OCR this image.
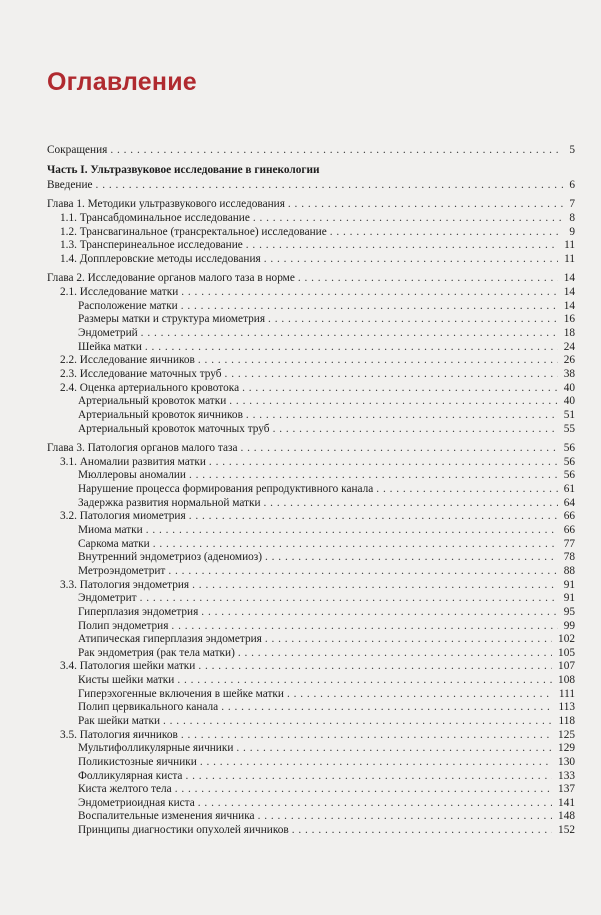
Оглавление
Сокращения . . .	5
Часть I. Ультразвуковое исследование в гинекологии
Введение . . .	6
Глава 1. Методики ультразвукового исследования . . .	7
1.1. Трансабдоминальное исследование . . .	8
1.2. Трансвагинальное (трансректальное) исследование . . .	9
1.3. Трансперинеальное исследование . . .	11
1.4. Допплеровские методы исследования . . .	11
Глава 2. Исследование органов малого таза в норме . . .	14
2.1. Исследование матки . . .	14
Расположение матки . . .	14
Размеры матки и структура миометрия . . .	16
Эндометрий . . .	18
Шейка матки . . .	24
2.2. Исследование яичников . . .	26
2.3. Исследование маточных труб . . .	38
2.4. Оценка артериального кровотока . . .	40
Артериальный кровоток матки . . .	40
Артериальный кровоток яичников . . .	51
Артериальный кровоток маточных труб . . .	55
Глава 3. Патология органов малого таза . . .	56
3.1. Аномалии развития матки . . .	56
Мюллеровы аномалии . . .	56
Нарушение процесса формирования репродуктивного канала . . .	61
Задержка развития нормальной матки . . .	64
3.2. Патология миометрия . . .	66
Миома матки . . .	66
Саркома матки . . .	77
Внутренний эндометриоз (аденомиоз) . . .	78
Метроэндометрит . . .	88
3.3. Патология эндометрия . . .	91
Эндометрит . . .	91
Гиперплазия эндометрия . . .	95
Полип эндометрия . . .	99
Атипическая гиперплазия эндометрия . . .	102
Рак эндометрия (рак тела матки) . . .	105
3.4. Патология шейки матки . . .	107
Кисты шейки матки . . .	108
Гиперэхогенные включения в шейке матки . . .	111
Полип цервикального канала . . .	113
Рак шейки матки . . .	118
3.5. Патология яичников . . .	125
Мультифолликулярные яичники . . .	129
Поликистозные яичники . . .	130
Фолликулярная киста . . .	133
Киста желтого тела . . .	137
Эндометриоидная киста . . .	141
Воспалительные изменения яичника . . .	148
Принципы диагностики опухолей яичников . . .	152
